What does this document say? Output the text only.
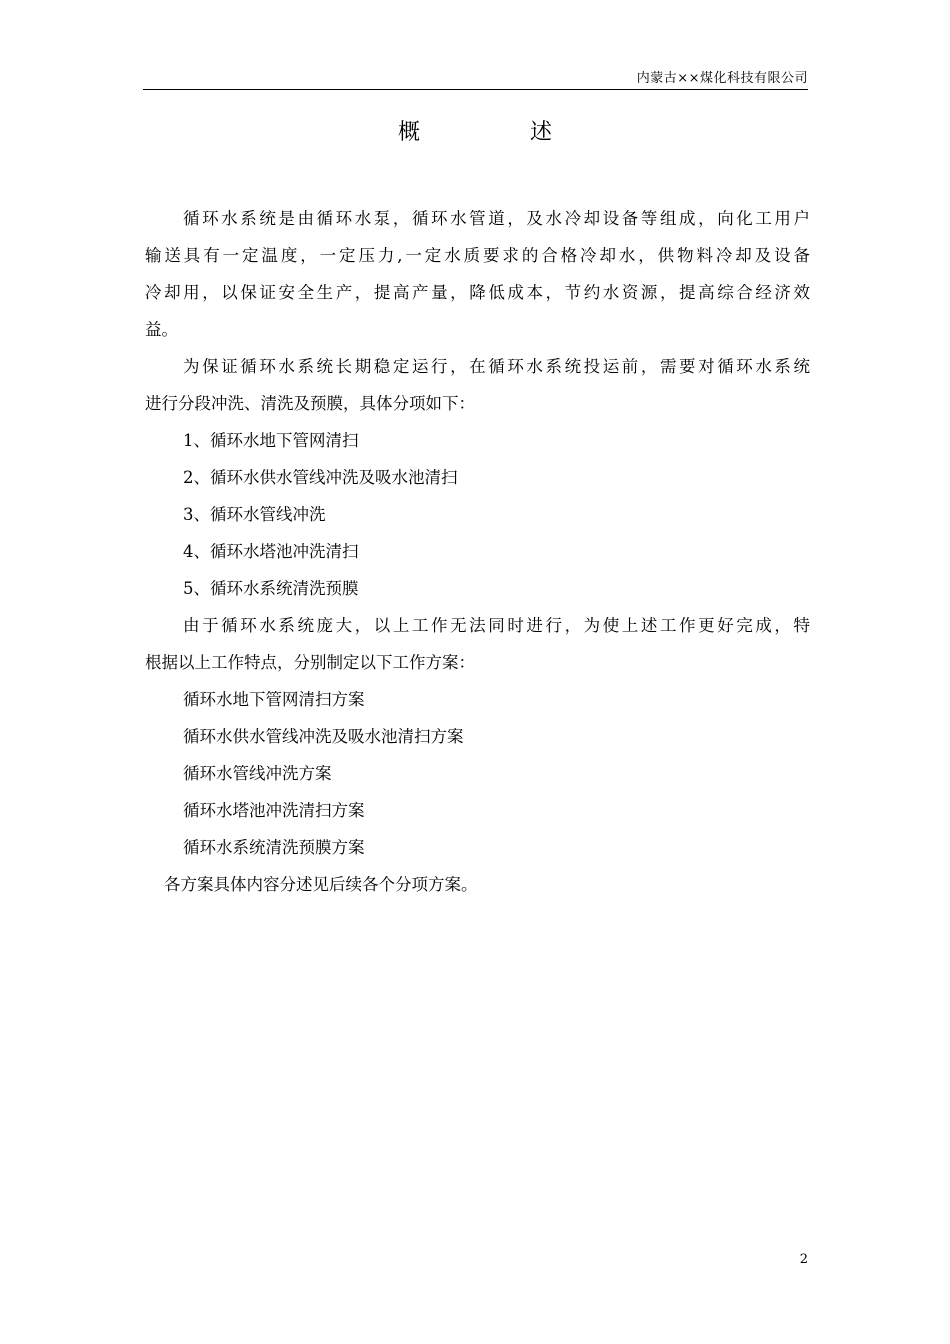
内蒙古××煤化科技有限公司
概述
循环水系统是由循环水泵，循环水管道，及水冷却设备等组成，向化工用户
输送具有一定温度，一定压力,一定水质要求的合格冷却水，供物料冷却及设备
冷却用，以保证安全生产，提高产量，降低成本，节约水资源，提高综合经济效
益。
为保证循环水系统长期稳定运行，在循环水系统投运前，需要对循环水系统
进行分段冲洗、清洗及预膜，具体分项如下：
1、循环水地下管网清扫
2、循环水供水管线冲洗及吸水池清扫
3、循环水管线冲洗
4、循环水塔池冲洗清扫
5、循环水系统清洗预膜
由于循环水系统庞大，以上工作无法同时进行，为使上述工作更好完成，特
根据以上工作特点，分别制定以下工作方案：
循环水地下管网清扫方案
循环水供水管线冲洗及吸水池清扫方案
循环水管线冲洗方案
循环水塔池冲洗清扫方案
循环水系统清洗预膜方案
各方案具体内容分述见后续各个分项方案。
2
